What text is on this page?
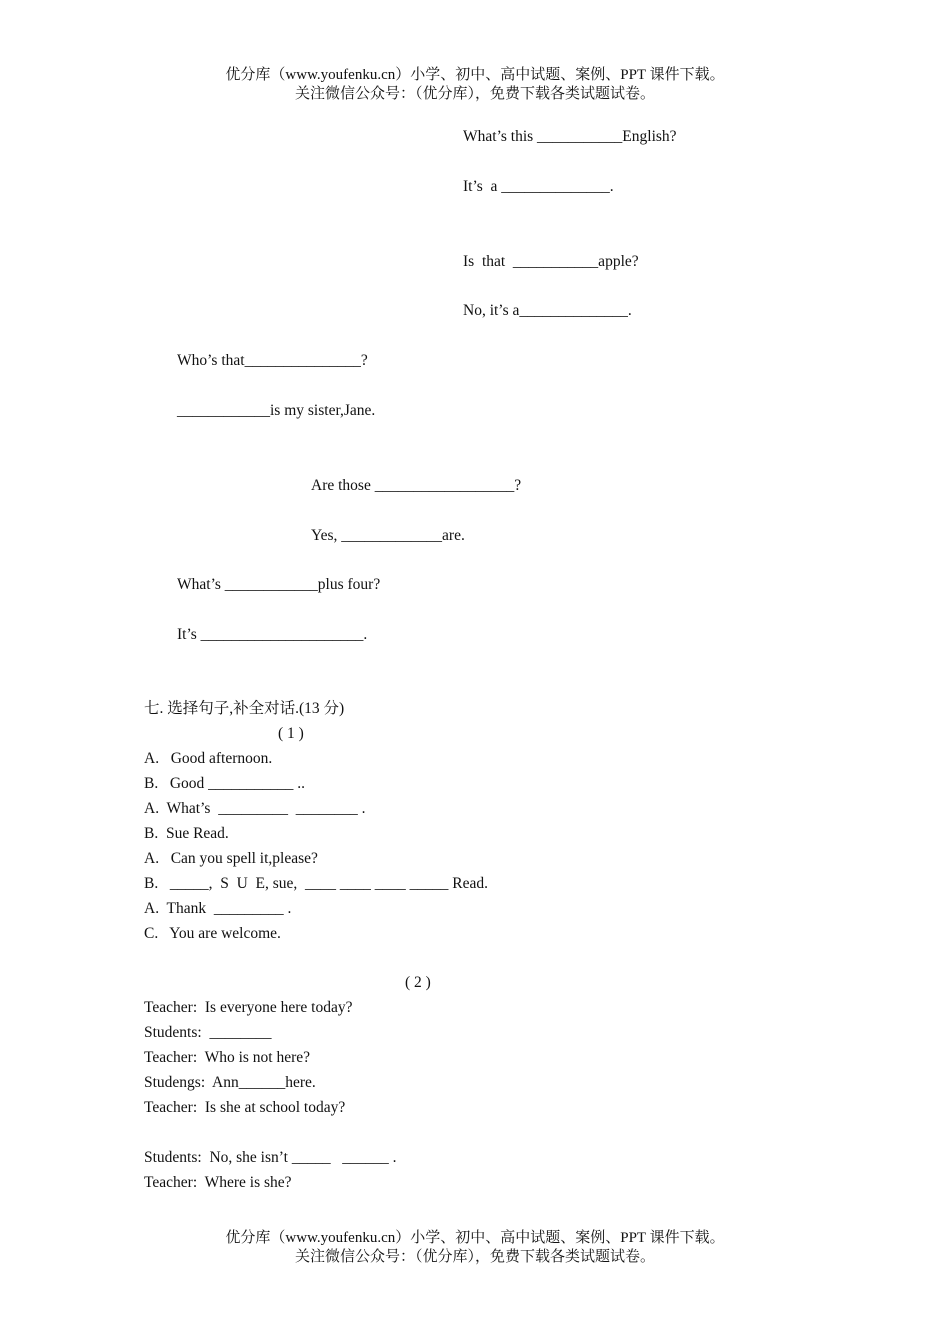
优分库（www.youfenku.cn）小学、初中、高中试题、案例、PPT 课件下载。
关注微信公众号：（优分库），免费下载各类试题试卷。
What’s this ___________English?
It’s  a ______________.
Is  that  ___________apple?
No, it’s a______________.
Who’s that_______________?
____________is my sister,Jane.
Are those __________________?
Yes, _____________are.
What’s ____________plus four?
It’s _____________________.
七. 选择句子,补全对话.(13 分)
( 1 )
A.   Good afternoon.
B.   Good ___________ ..
A.  What’s  _________  ________ .
B.  Sue Read.
A.   Can you spell it,please?
B.   _____,  S  U  E, sue,  ____ ____ ____ _____ Read.
A.  Thank  _________ .
C.   You are welcome.
( 2 )
Teacher:  Is everyone here today?
Students:  ________
Teacher:  Who is not here?
Studengs:  Ann______here.
Teacher:  Is she at school today?
Students:  No, she isn’t _____   ______ .
Teacher:  Where is she?
优分库（www.youfenku.cn）小学、初中、高中试题、案例、PPT 课件下载。
关注微信公众号：（优分库），免费下载各类试题试卷。
